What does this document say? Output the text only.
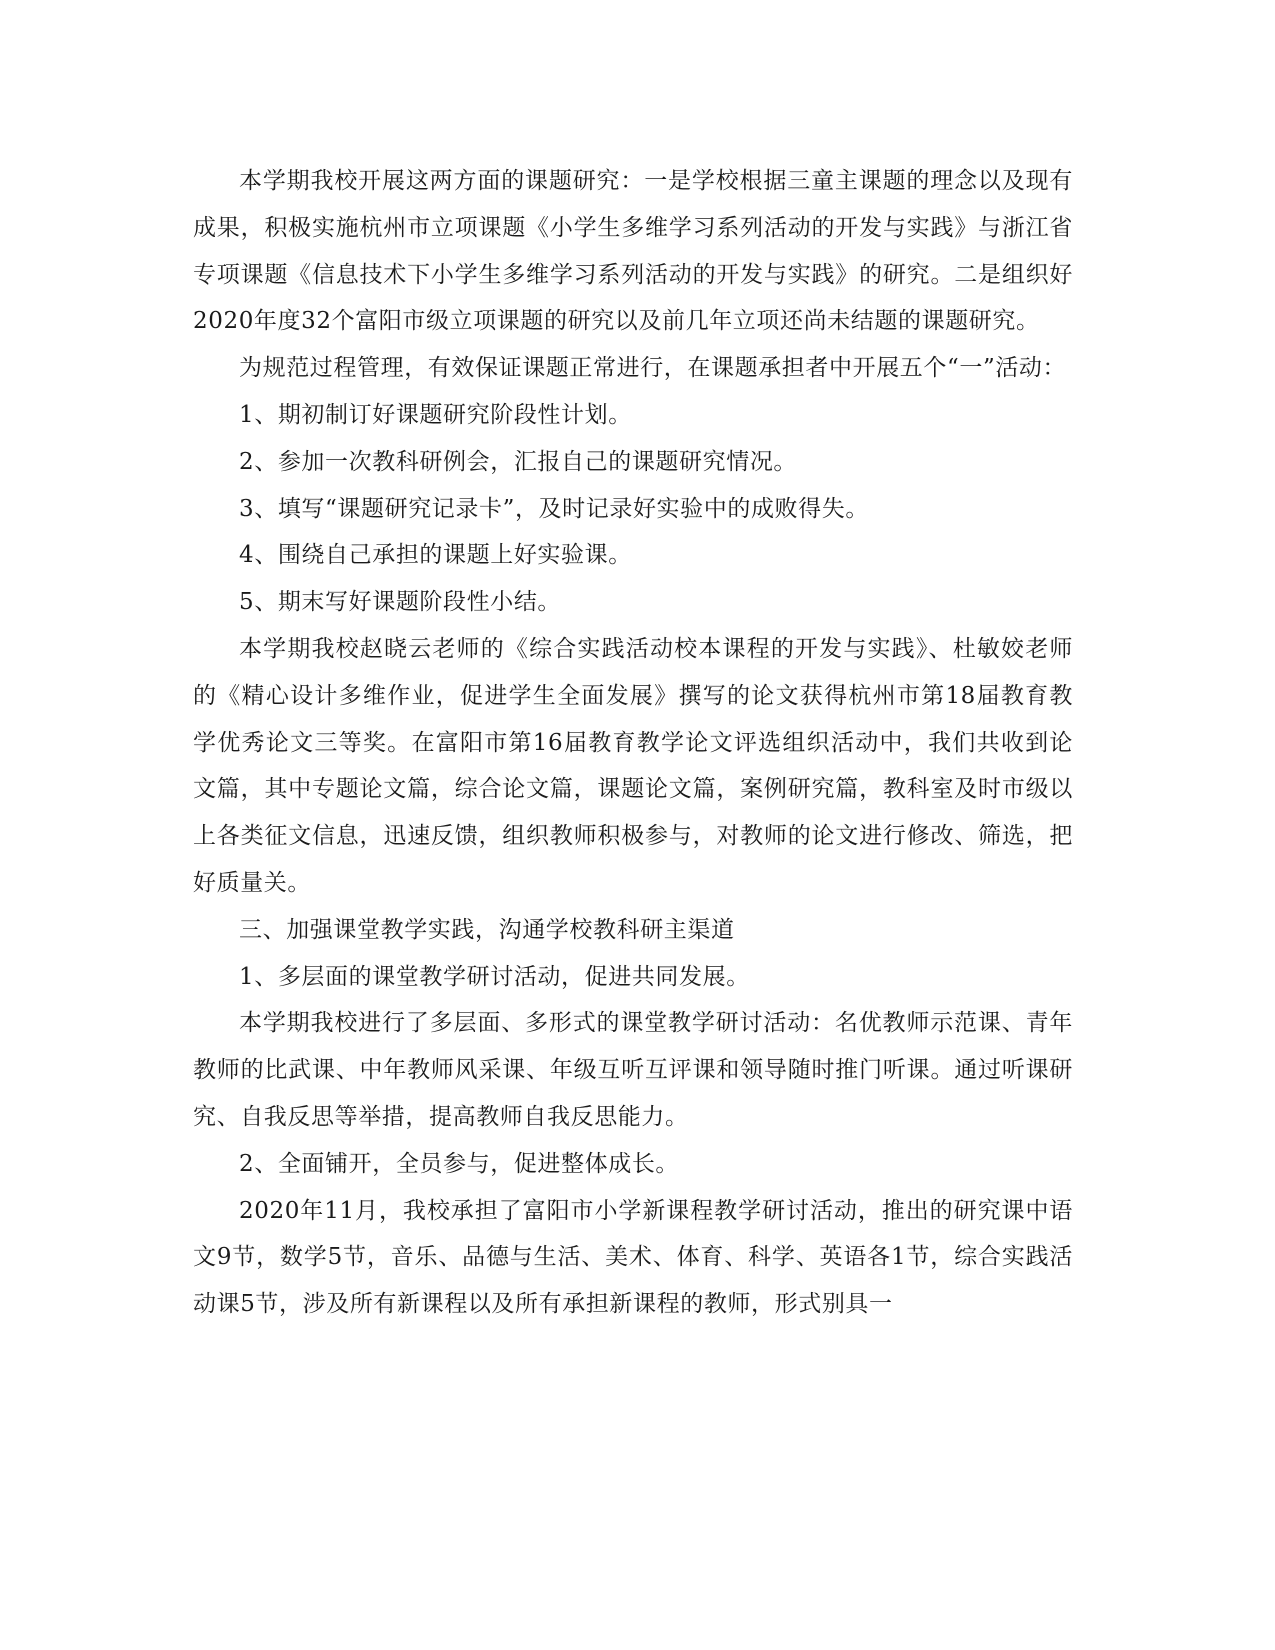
本学期我校开展这两方面的课题研究：一是学校根据三童主课题的理念以及现有成果，积极实施杭州市立项课题《小学生多维学习系列活动的开发与实践》与浙江省专项课题《信息技术下小学生多维学习系列活动的开发与实践》的研究。二是组织好2020年度32个富阳市级立项课题的研究以及前几年立项还尚未结题的课题研究。

为规范过程管理，有效保证课题正常进行，在课题承担者中开展五个“一”活动：

1、期初制订好课题研究阶段性计划。

2、参加一次教科研例会，汇报自己的课题研究情况。

3、填写“课题研究记录卡”，及时记录好实验中的成败得失。

4、围绕自己承担的课题上好实验课。

5、期末写好课题阶段性小结。

本学期我校赵晓云老师的《综合实践活动校本课程的开发与实践》、杜敏姣老师的《精心设计多维作业，促进学生全面发展》撰写的论文获得杭州市第18届教育教学优秀论文三等奖。在富阳市第16届教育教学论文评选组织活动中，我们共收到论文篇，其中专题论文篇，综合论文篇，课题论文篇，案例研究篇，教科室及时市级以上各类征文信息，迅速反馈，组织教师积极参与，对教师的论文进行修改、筛选，把好质量关。

三、加强课堂教学实践，沟通学校教科研主渠道

1、多层面的课堂教学研讨活动，促进共同发展。

本学期我校进行了多层面、多形式的课堂教学研讨活动：名优教师示范课、青年教师的比武课、中年教师风采课、年级互听互评课和领导随时推门听课。通过听课研究、自我反思等举措，提高教师自我反思能力。

2、全面铺开，全员参与，促进整体成长。

2020年11月，我校承担了富阳市小学新课程教学研讨活动，推出的研究课中语文9节，数学5节，音乐、品德与生活、美术、体育、科学、英语各1节，综合实践活动课5节，涉及所有新课程以及所有承担新课程的教师，形式别具一
